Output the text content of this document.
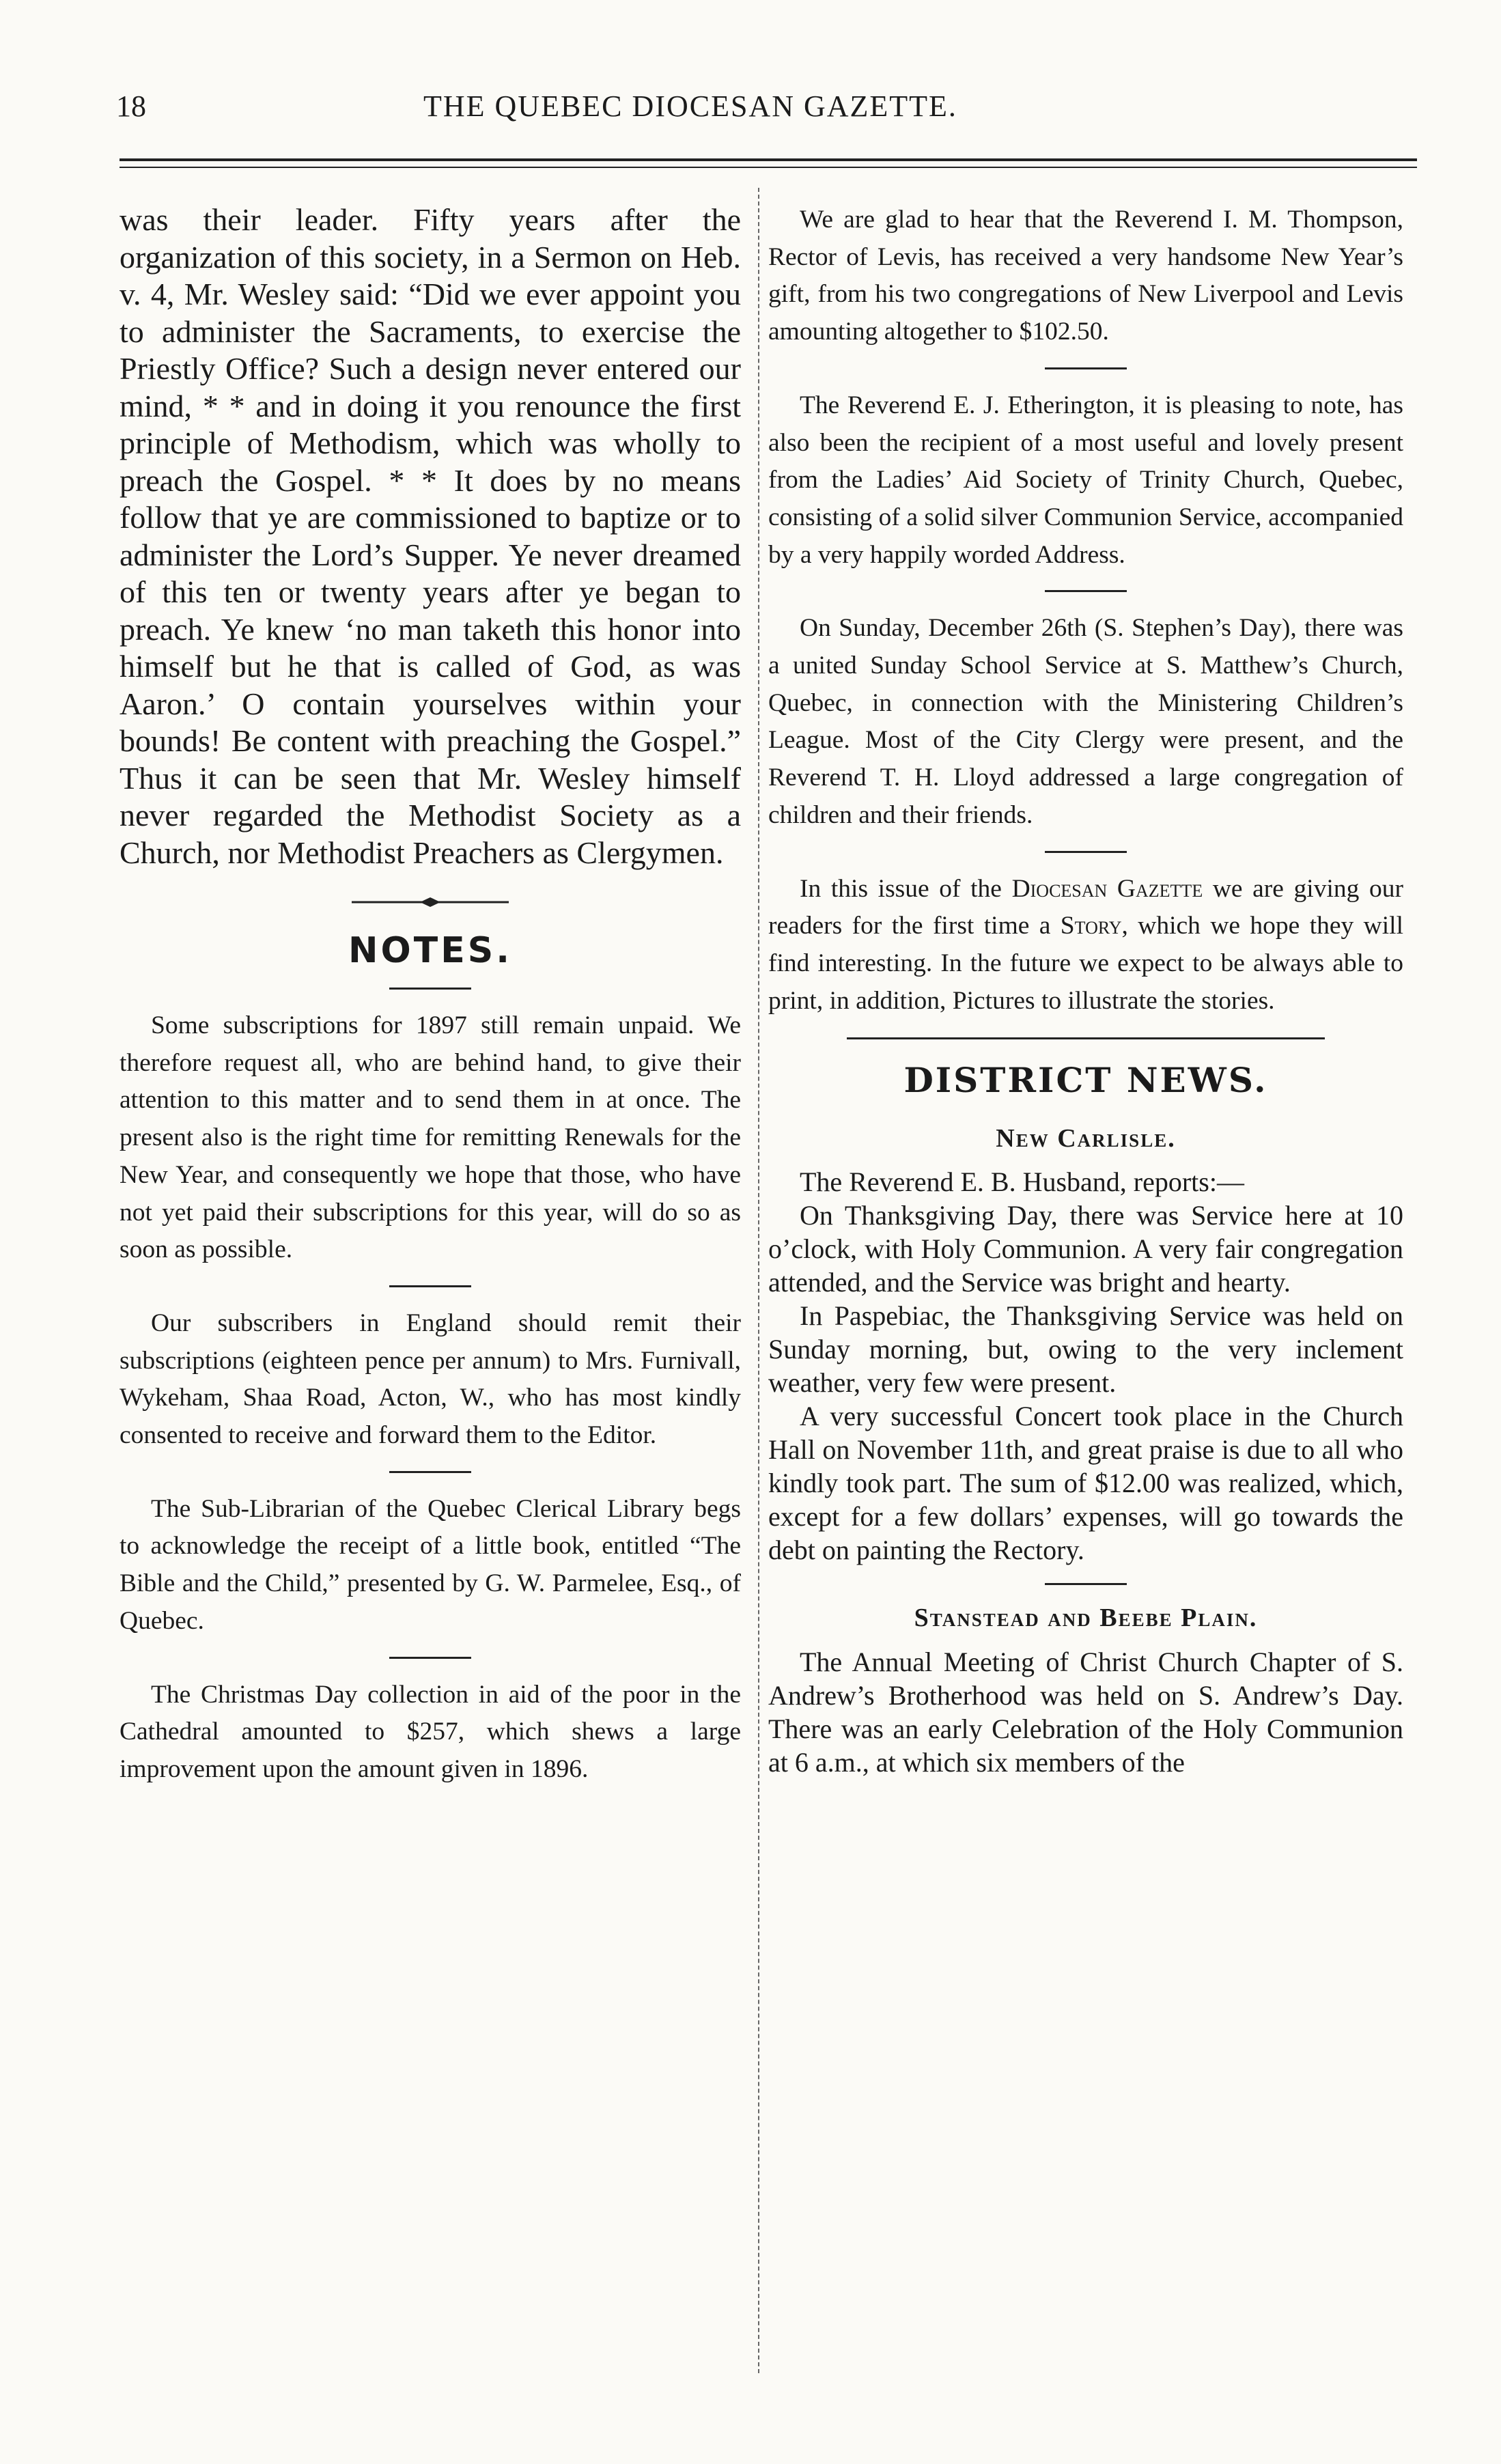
18	THE QUEBEC DIOCESAN GAZETTE.

was their leader. Fifty years after the organization of this society, in a Sermon on Heb. v. 4, Mr. Wesley said: “Did we ever appoint you to administer the Sacraments, to exercise the Priestly Office? Such a design never entered our mind, * * and in doing it you renounce the first principle of Methodism, which was wholly to preach the Gospel. * * It does by no means follow that ye are commissioned to baptize or to administer the Lord’s Supper. Ye never dreamed of this ten or twenty years after ye began to preach. Ye knew ‘no man taketh this honor into himself but he that is called of God, as was Aaron.’ O contain yourselves within your bounds! Be content with preaching the Gospel.” Thus it can be seen that Mr. Wesley himself never regarded the Methodist Society as a Church, nor Methodist Preachers as Clergymen.

NOTES.

Some subscriptions for 1897 still remain unpaid. We therefore request all, who are behind hand, to give their attention to this matter and to send them in at once. The present also is the right time for remitting Renewals for the New Year, and consequently we hope that those, who have not yet paid their subscriptions for this year, will do so as soon as possible.

Our subscribers in England should remit their subscriptions (eighteen pence per annum) to Mrs. Furnivall, Wykeham, Shaa Road, Acton, W., who has most kindly consented to receive and forward them to the Editor.

The Sub-Librarian of the Quebec Clerical Library begs to acknowledge the receipt of a little book, entitled “The Bible and the Child,” presented by G. W. Parmelee, Esq., of Quebec.

The Christmas Day collection in aid of the poor in the Cathedral amounted to $257, which shews a large improvement upon the amount given in 1896.

We are glad to hear that the Reverend I. M. Thompson, Rector of Levis, has received a very handsome New Year’s gift, from his two congregations of New Liverpool and Levis amounting altogether to $102.50.

The Reverend E. J. Etherington, it is pleasing to note, has also been the recipient of a most useful and lovely present from the Ladies’ Aid Society of Trinity Church, Quebec, consisting of a solid silver Communion Service, accompanied by a very happily worded Address.

On Sunday, December 26th (S. Stephen’s Day), there was a united Sunday School Service at S. Matthew’s Church, Quebec, in connection with the Ministering Children’s League. Most of the City Clergy were present, and the Reverend T. H. Lloyd addressed a large congregation of children and their friends.

In this issue of the Diocesan Gazette we are giving our readers for the first time a Story, which we hope they will find interesting. In the future we expect to be always able to print, in addition, Pictures to illustrate the stories.

DISTRICT NEWS.
New Carlisle.

The Reverend E. B. Husband, reports:—

On Thanksgiving Day, there was Service here at 10 o’clock, with Holy Communion. A very fair congregation attended, and the Service was bright and hearty.

In Paspebiac, the Thanksgiving Service was held on Sunday morning, but, owing to the very inclement weather, very few were present.

A very successful Concert took place in the Church Hall on November 11th, and great praise is due to all who kindly took part. The sum of $12.00 was realized, which, except for a few dollars’ expenses, will go towards the debt on painting the Rectory.

Stanstead and Beebe Plain.

The Annual Meeting of Christ Church Chapter of S. Andrew’s Brotherhood was held on S. Andrew’s Day. There was an early Celebration of the Holy Communion at 6 a.m., at which six members of the
